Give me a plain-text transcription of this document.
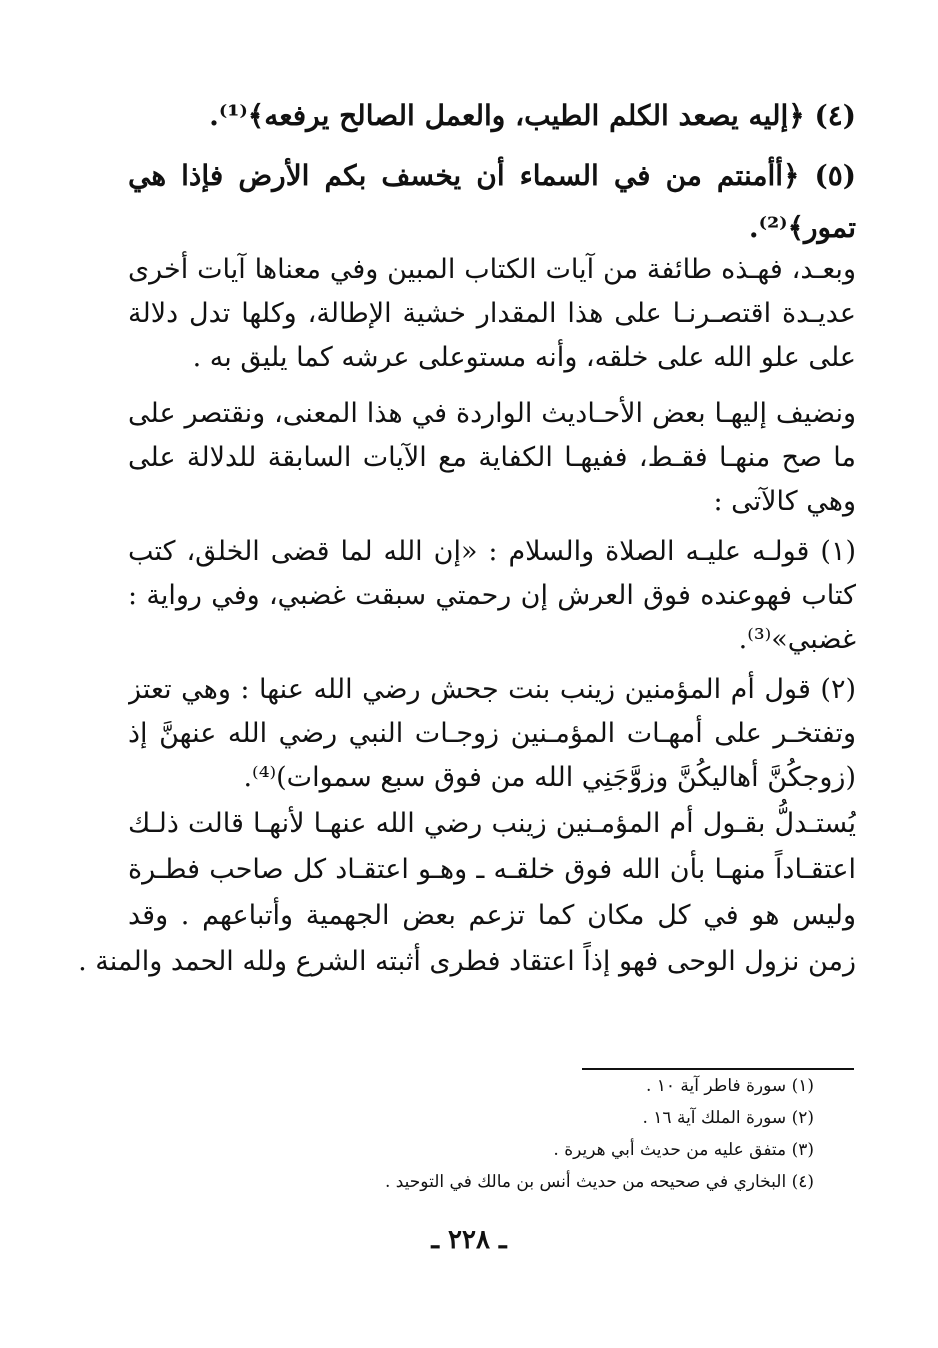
(٤) ﴿إليه يصعد الكلم الطيب، والعمل الصالح يرفعه﴾⁽¹⁾.
(٥) ﴿أأمنتم من في السماء أن يخسف بكم الأرض فإذا هي
تمور﴾⁽²⁾.
وبعـد، فهـذه طائفة من آيات الكتاب المبين وفي معناها آيات أخرى
عديـدة اقتصـرنـا على هذا المقدار خشية الإطالة، وكلها تدل دلالة
على علو الله على خلقه، وأنه مستوعلى عرشه كما يليق به .
ونضيف إليهـا بعض الأحـاديث الواردة في هذا المعنى، ونقتصر على
ما صح منهـا فقـط، ففيهـا الكفاية مع الآيات السابقة للدلالة على
وهي كالآتى :
(١) قولـه عليـه الصلاة والسلام : «إن الله لما قضى الخلق، كتب
كتاب فهوعنده فوق العرش إن رحمتي سبقت غضبي، وفي رواية :
غضبي»⁽³⁾.
(٢) قول أم المؤمنين زينب بنت جحش رضي الله عنها : وهي تعتز
وتفتخـر على أمهـات المؤمـنين زوجـات النبي رضي الله عنهنَّ إذ
(زوجكُنَّ أهاليكُنَّ وزوَّجَنِي الله من فوق سبع سموات)⁽⁴⁾.
يُستـدلُّ بقـول أم المؤمـنين زينب رضي الله عنهـا لأنهـا قالت ذلـك
اعتقـاداً منهـا بأن الله فوق خلقـه ـ وهـو اعتقـاد كل صاحب فطـرة
وليس هو في كل مكان كما تزعم بعض الجهمية وأتباعهم . وقد
زمن نزول الوحى فهو إذاً اعتقاد فطرى أثبته الشرع ولله الحمد والمنة .
(١) سورة فاطر آية ١٠ .
(٢) سورة الملك آية ١٦ .
(٣) متفق عليه من حديث أبي هريرة .
(٤) البخاري في صحيحه من حديث أنس بن مالك في التوحيد .
ـ ٢٢٨ ـ
